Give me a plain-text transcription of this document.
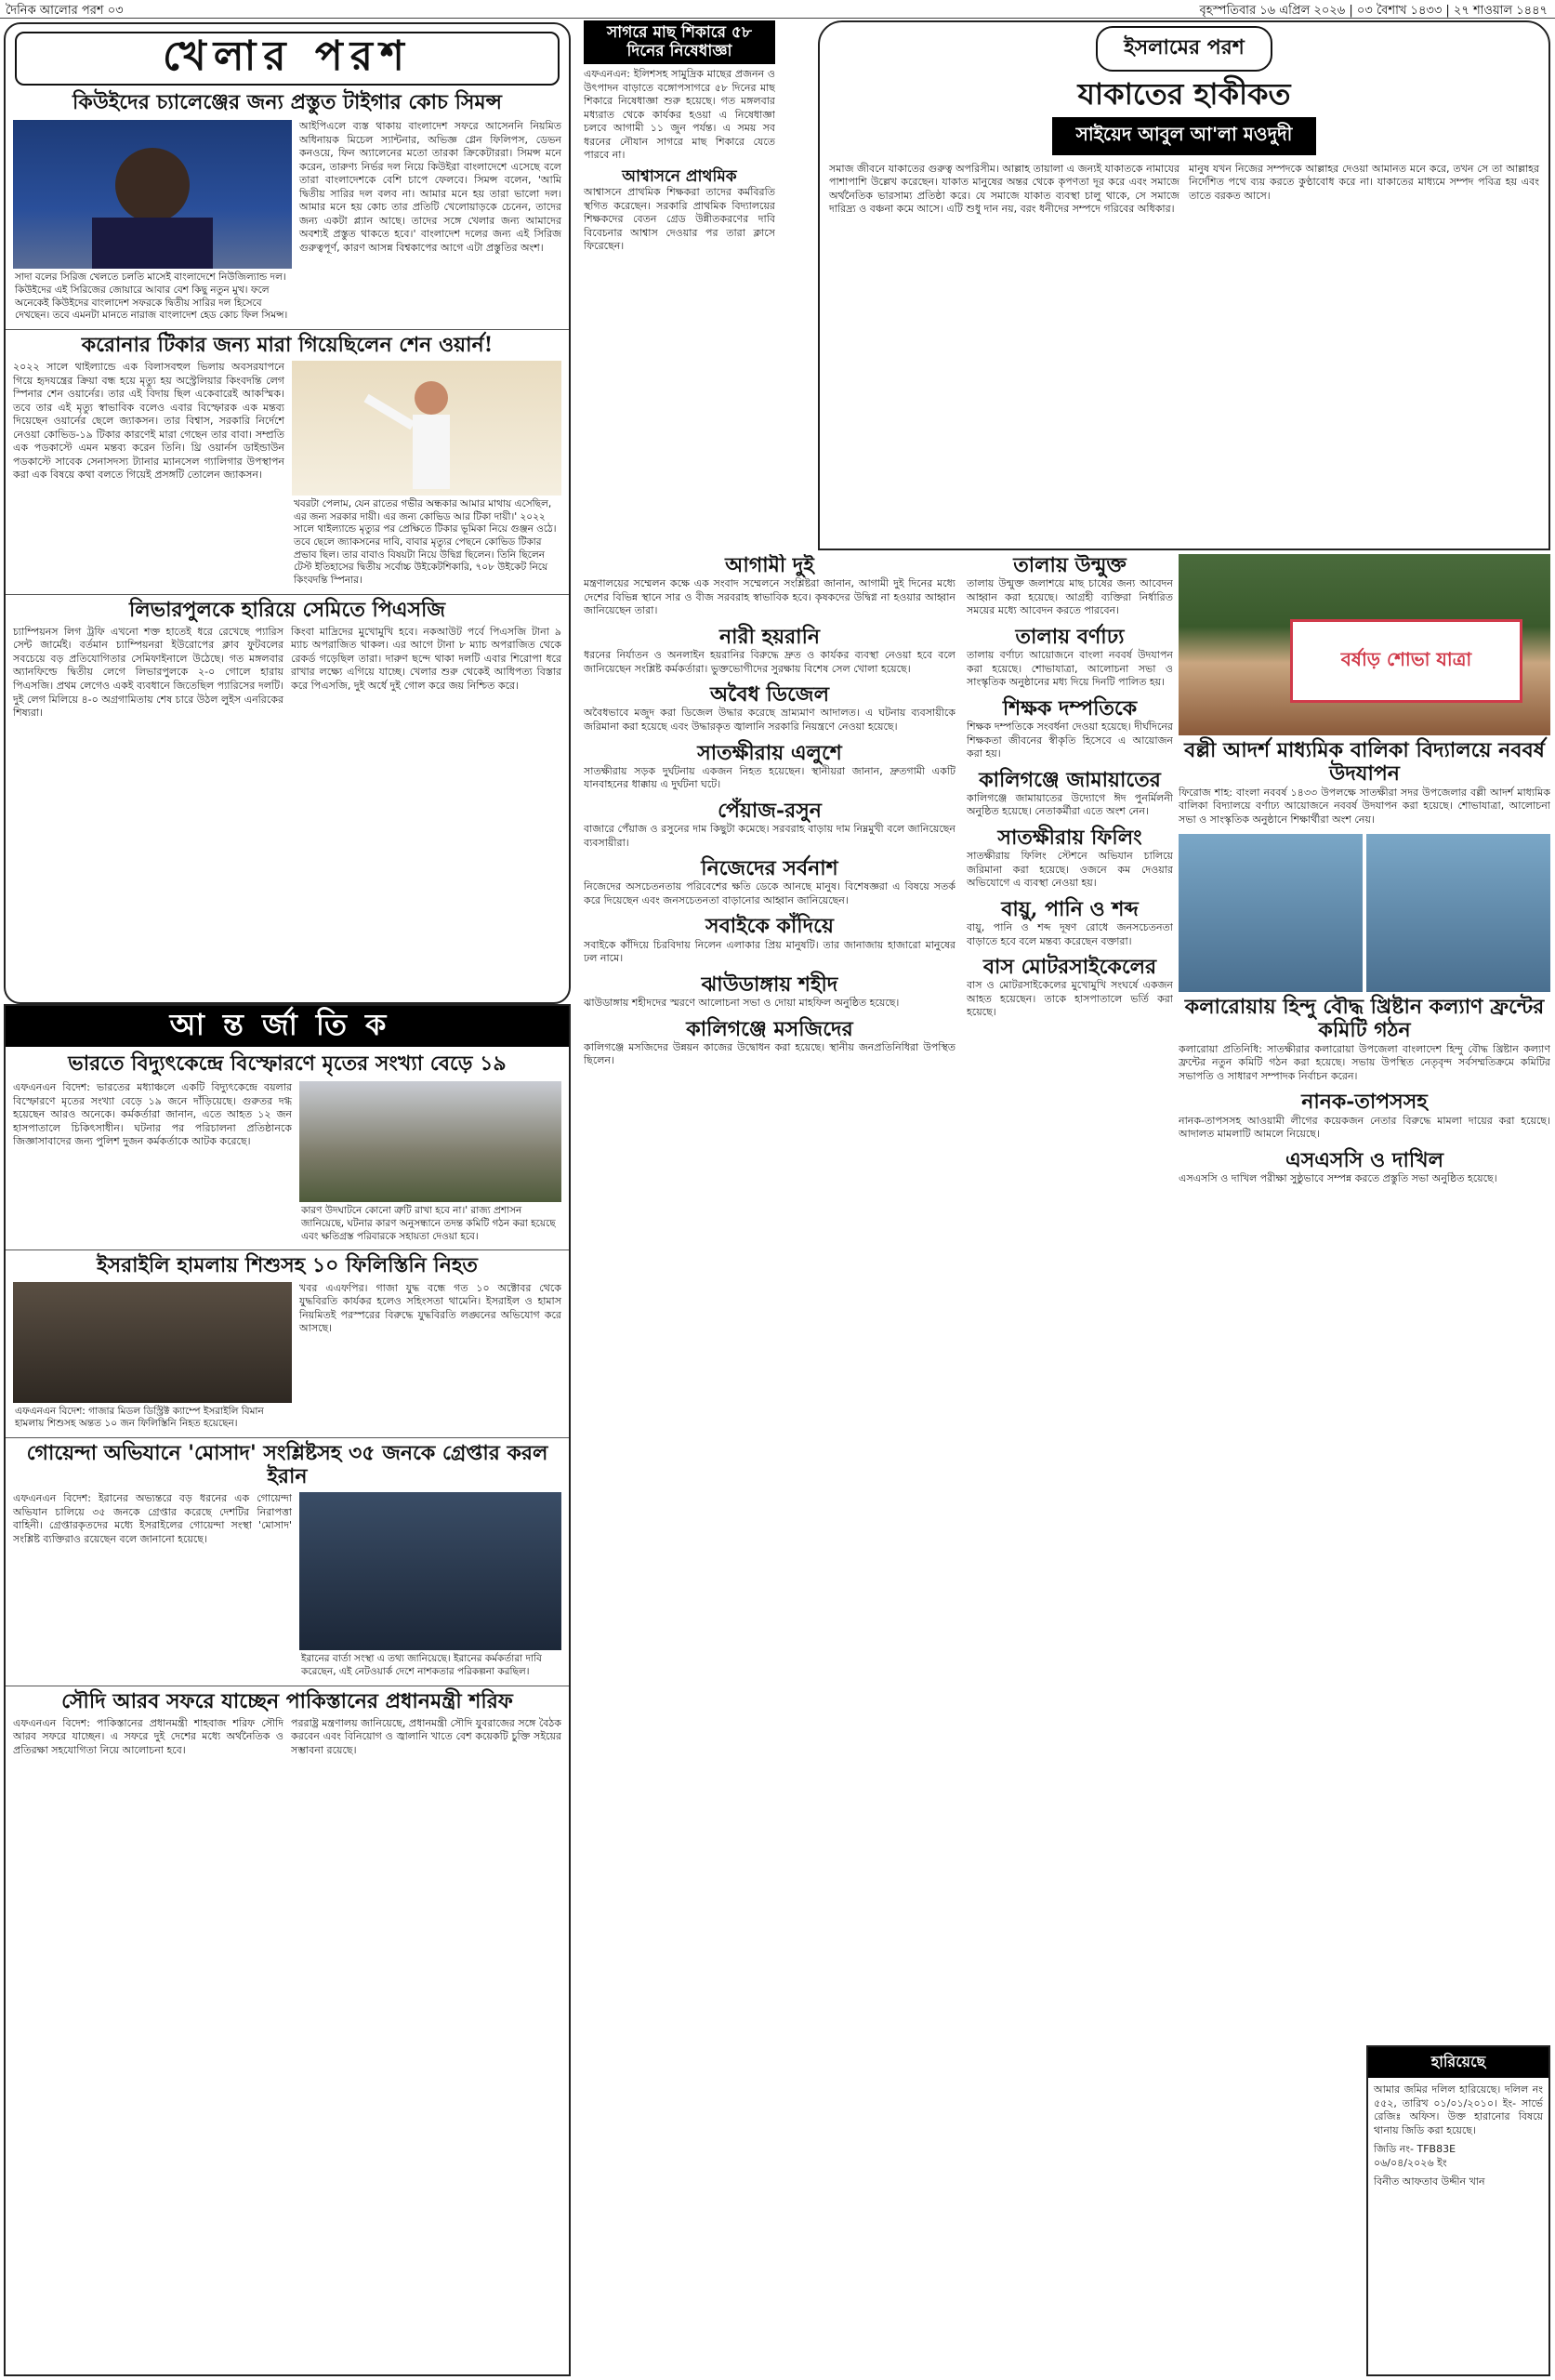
দৈনিক আলোর পরশ ০৩	বৃহস্পতিবার ১৬ এপ্রিল ২০২৬ | ০৩ বৈশাখ ১৪৩৩ | ২৭ শাওয়াল ১৪৪৭
খেলার পরশ
কিউইদের চ্যালেঞ্জের জন্য প্রস্তুত টাইগার কোচ সিমন্স
সাদা বলের সিরিজ খেলতে চলতি মাসেই বাংলাদেশে নিউজিল্যান্ড দল। কিউইদের এই সিরিজের জোয়ারে আবার বেশ কিছু নতুন মুখ। ফলে অনেকেই কিউইদের বাংলাদেশ সফরকে দ্বিতীয় সারির দল হিসেবে দেখছেন। তবে এমনটা মানতে নারাজ বাংলাদেশ হেড কোচ ফিল সিমন্স।
আইপিএলে ব্যস্ত থাকায় বাংলাদেশ সফরে আসেননি নিয়মিত অধিনায়ক মিচেল স্যান্টনার, অভিজ্ঞ গ্লেন ফিলিপস, ডেভন কনওয়ে, ফিন অ্যালেনের মতো তারকা ক্রিকেটাররা। সিমন্স মনে করেন, তারুণ্য নির্ভর দল নিয়ে কিউইরা বাংলাদেশে এসেছে বলে তারা বাংলাদেশকে বেশি চাপে ফেলবে। সিমন্স বলেন, 'আমি দ্বিতীয় সারির দল বলব না। আমার মনে হয় তারা ভালো দল। আমার মনে হয় কোচ তার প্রতিটি খেলোয়াড়কে চেনেন, তাদের জন্য একটা প্ল্যান আছে। তাদের সঙ্গে খেলার জন্য আমাদের অবশ্যই প্রস্তুত থাকতে হবে।' বাংলাদেশ দলের জন্য এই সিরিজ গুরুত্বপূর্ণ, কারণ আসন্ন বিশ্বকাপের আগে এটা প্রস্তুতির অংশ।
করোনার টিকার জন্য মারা গিয়েছিলেন শেন ওয়ার্ন!
২০২২ সালে থাইল্যান্ডে এক বিলাসবহুল ভিলায় অবসরযাপনে গিয়ে হৃদযন্ত্রের ক্রিয়া বন্ধ হয়ে মৃত্যু হয় অস্ট্রেলিয়ার কিংবদন্তি লেগ স্পিনার শেন ওয়ার্নের। তার এই বিদায় ছিল একেবারেই আকস্মিক। তবে তার এই মৃত্যু স্বাভাবিক বলেও এবার বিস্ফোরক এক মন্তব্য দিয়েছেন ওয়ার্নের ছেলে জ্যাকসন। তার বিশ্বাস, সরকারি নির্দেশে নেওয়া কোভিড-১৯ টিকার কারণেই মারা গেছেন তার বাবা। সম্প্রতি এক পডকাস্টে এমন মন্তব্য করেন তিনি। থ্রি ওয়ার্নস ডাইন্ডাউন পডকাস্টে সাবেক সেনাসদস্য ট্যানার ম্যানসেল গ্যালিগার উপস্থাপন করা এক বিষয়ে কথা বলতে গিয়েই প্রসঙ্গটি তোলেন জ্যাকসন।
খবরটা পেলাম, যেন রাতের গভীর অন্ধকার আমার মাথায় এসেছিল, এর জন্য সরকার দায়ী। এর জন্য কোভিড আর টিকা দায়ী।' ২০২২ সালে থাইল্যান্ডে মৃত্যুর পর প্রেক্ষিতে টিকার ভূমিকা নিয়ে গুঞ্জন ওঠে। তবে ছেলে জ্যাকসনের দাবি, বাবার মৃত্যুর পেছনে কোভিড টিকার প্রভাব ছিল। তার বাবাও বিষয়টা নিয়ে উদ্বিগ্ন ছিলেন। তিনি ছিলেন টেস্ট ইতিহাসের দ্বিতীয় সর্বোচ্চ উইকেটশিকারি, ৭০৮ উইকেট নিয়ে কিংবদন্তি স্পিনার।
লিভারপুলকে হারিয়ে সেমিতে পিএসজি
চ্যাম্পিয়নস লিগ ট্রফি এখনো শক্ত হাতেই ধরে রেখেছে প্যারিস সেন্ট জার্মেই। বর্তমান চ্যাম্পিয়নরা ইউরোপের ক্লাব ফুটবলের সবচেয়ে বড় প্রতিযোগিতার সেমিফাইনালে উঠেছে। গত মঙ্গলবার অ্যানফিল্ডে দ্বিতীয় লেগে লিভারপুলকে ২-০ গোলে হারায় পিএসজি। প্রথম লেগেও একই ব্যবধানে জিতেছিল প্যারিসের দলটি। দুই লেগ মিলিয়ে ৪-০ অগ্রগামিতায় শেষ চারে উঠল লুইস এনরিকের শিষ্যরা।
কিংবা মাদ্রিদের মুখোমুখি হবে। নকআউট পর্বে পিএসজি টানা ৯ ম্যাচ অপরাজিত থাকল। এর আগে টানা ৮ ম্যাচ অপরাজিত থেকে রেকর্ড গড়েছিল তারা। দারুণ ছন্দে থাকা দলটি এবার শিরোপা ধরে রাখার লক্ষ্যে এগিয়ে যাচ্ছে। খেলার শুরু থেকেই আধিপত্য বিস্তার করে পিএসজি, দুই অর্ধে দুই গোল করে জয় নিশ্চিত করে।
আন্তর্জাতিক
ভারতে বিদ্যুৎকেন্দ্রে বিস্ফোরণে মৃতের সংখ্যা বেড়ে ১৯
এফএনএন বিদেশ: ভারতের মধ্যাঞ্চলে একটি বিদ্যুৎকেন্দ্রে বয়লার বিস্ফোরণে মৃতের সংখ্যা বেড়ে ১৯ জনে দাঁড়িয়েছে। গুরুতর দগ্ধ হয়েছেন আরও অনেকে। কর্মকর্তারা জানান, এতে আহত ১২ জন হাসপাতালে চিকিৎসাধীন। ঘটনার পর পরিচালনা প্রতিষ্ঠানকে জিজ্ঞাসাবাদের জন্য পুলিশ দুজন কর্মকর্তাকে আটক করেছে।
কারণ উদঘাটনে কোনো ত্রুটি রাখা হবে না।' রাজ্য প্রশাসন জানিয়েছে, ঘটনার কারণ অনুসন্ধানে তদন্ত কমিটি গঠন করা হয়েছে এবং ক্ষতিগ্রস্ত পরিবারকে সহায়তা দেওয়া হবে।
ইসরাইলি হামলায় শিশুসহ ১০ ফিলিস্তিনি নিহত
এফএনএন বিদেশ: গাজার মিডল ডিস্ট্রিক্ট ক্যাম্পে ইসরাইলি বিমান হামলায় শিশুসহ অন্তত ১০ জন ফিলিস্তিনি নিহত হয়েছেন।
খবর এএফপির। গাজা যুদ্ধ বন্ধে গত ১০ অক্টোবর থেকে যুদ্ধবিরতি কার্যকর হলেও সহিংসতা থামেনি। ইসরাইল ও হামাস নিয়মিতই পরস্পরের বিরুদ্ধে যুদ্ধবিরতি লঙ্ঘনের অভিযোগ করে আসছে।
গোয়েন্দা অভিযানে 'মোসাদ' সংশ্লিষ্টসহ ৩৫ জনকে গ্রেপ্তার করল ইরান
এফএনএন বিদেশ: ইরানের অভ্যন্তরে বড় ধরনের এক গোয়েন্দা অভিযান চালিয়ে ৩৫ জনকে গ্রেপ্তার করেছে দেশটির নিরাপত্তা বাহিনী। গ্রেপ্তারকৃতদের মধ্যে ইসরাইলের গোয়েন্দা সংস্থা 'মোসাদ' সংশ্লিষ্ট ব্যক্তিরাও রয়েছেন বলে জানানো হয়েছে।
ইরানের বার্তা সংস্থা এ তথ্য জানিয়েছে। ইরানের কর্মকর্তারা দাবি করেছেন, এই নেটওয়ার্ক দেশে নাশকতার পরিকল্পনা করছিল।
সৌদি আরব সফরে যাচ্ছেন পাকিস্তানের প্রধানমন্ত্রী শরিফ
এফএনএন বিদেশ: পাকিস্তানের প্রধানমন্ত্রী শাহবাজ শরিফ সৌদি আরব সফরে যাচ্ছেন। এ সফরে দুই দেশের মধ্যে অর্থনৈতিক ও প্রতিরক্ষা সহযোগিতা নিয়ে আলোচনা হবে।
পররাষ্ট্র মন্ত্রণালয় জানিয়েছে, প্রধানমন্ত্রী সৌদি যুবরাজের সঙ্গে বৈঠক করবেন এবং বিনিয়োগ ও জ্বালানি খাতে বেশ কয়েকটি চুক্তি সইয়ের সম্ভাবনা রয়েছে।
সাগরে মাছ শিকারে ৫৮ দিনের নিষেধাজ্ঞা
এফএনএন: ইলিশসহ সামুদ্রিক মাছের প্রজনন ও উৎপাদন বাড়াতে বঙ্গোপসাগরে ৫৮ দিনের মাছ শিকারে নিষেধাজ্ঞা শুরু হয়েছে। গত মঙ্গলবার মধ্যরাত থেকে কার্যকর হওয়া এ নিষেধাজ্ঞা চলবে আগামী ১১ জুন পর্যন্ত। এ সময় সব ধরনের নৌযান সাগরে মাছ শিকারে যেতে পারবে না।
আশ্বাসনে প্রাথমিক
আশ্বাসনে প্রাথমিক শিক্ষকরা তাদের কর্মবিরতি স্থগিত করেছেন। সরকারি প্রাথমিক বিদ্যালয়ের শিক্ষকদের বেতন গ্রেড উন্নীতকরণের দাবি বিবেচনার আশ্বাস দেওয়ার পর তারা ক্লাসে ফিরেছেন।
ইসলামের পরশ
যাকাতের হাকীকত
সাইয়েদ আবুল আ'লা মওদুদী
সমাজ জীবনে যাকাতের গুরুত্ব অপরিসীম। আল্লাহ তায়ালা এ জন্যই যাকাতকে নামাযের পাশাপাশি উল্লেখ করেছেন। যাকাত মানুষের অন্তর থেকে কৃপণতা দূর করে এবং সমাজে অর্থনৈতিক ভারসাম্য প্রতিষ্ঠা করে। যে সমাজে যাকাত ব্যবস্থা চালু থাকে, সে সমাজে দারিদ্র্য ও বঞ্চনা কমে আসে। এটি শুধু দান নয়, বরং ধনীদের সম্পদে গরিবের অধিকার।
মানুষ যখন নিজের সম্পদকে আল্লাহর দেওয়া আমানত মনে করে, তখন সে তা আল্লাহর নির্দেশিত পথে ব্যয় করতে কুণ্ঠাবোধ করে না। যাকাতের মাধ্যমে সম্পদ পবিত্র হয় এবং তাতে বরকত আসে।
আগামী দুই
মন্ত্রণালয়ের সম্মেলন কক্ষে এক সংবাদ সম্মেলনে সংশ্লিষ্টরা জানান, আগামী দুই দিনের মধ্যে দেশের বিভিন্ন স্থানে সার ও বীজ সরবরাহ স্বাভাবিক হবে। কৃষকদের উদ্বিগ্ন না হওয়ার আহ্বান জানিয়েছেন তারা।
নারী হয়রানি
ধরনের নির্যাতন ও অনলাইন হয়রানির বিরুদ্ধে দ্রুত ও কার্যকর ব্যবস্থা নেওয়া হবে বলে জানিয়েছেন সংশ্লিষ্ট কর্মকর্তারা। ভুক্তভোগীদের সুরক্ষায় বিশেষ সেল খোলা হয়েছে।
অবৈধ ডিজেল
অবৈধভাবে মজুদ করা ডিজেল উদ্ধার করেছে ভ্রাম্যমাণ আদালত। এ ঘটনায় ব্যবসায়ীকে জরিমানা করা হয়েছে এবং উদ্ধারকৃত জ্বালানি সরকারি নিয়ন্ত্রণে নেওয়া হয়েছে।
সাতক্ষীরায় এলুশে
সাতক্ষীরায় সড়ক দুর্ঘটনায় একজন নিহত হয়েছেন। স্থানীয়রা জানান, দ্রুতগামী একটি যানবাহনের ধাক্কায় এ দুর্ঘটনা ঘটে।
পেঁয়াজ-রসুন
বাজারে পেঁয়াজ ও রসুনের দাম কিছুটা কমেছে। সরবরাহ বাড়ায় দাম নিম্নমুখী বলে জানিয়েছেন ব্যবসায়ীরা।
নিজেদের সর্বনাশ
নিজেদের অসচেতনতায় পরিবেশের ক্ষতি ডেকে আনছে মানুষ। বিশেষজ্ঞরা এ বিষয়ে সতর্ক করে দিয়েছেন এবং জনসচেতনতা বাড়ানোর আহ্বান জানিয়েছেন।
সবাইকে কাঁদিয়ে
সবাইকে কাঁদিয়ে চিরবিদায় নিলেন এলাকার প্রিয় মানুষটি। তার জানাজায় হাজারো মানুষের ঢল নামে।
ঝাউডাঙ্গায় শহীদ
ঝাউডাঙ্গায় শহীদদের স্মরণে আলোচনা সভা ও দোয়া মাহফিল অনুষ্ঠিত হয়েছে।
কালিগঞ্জে মসজিদের
কালিগঞ্জে মসজিদের উন্নয়ন কাজের উদ্বোধন করা হয়েছে। স্থানীয় জনপ্রতিনিধিরা উপস্থিত ছিলেন।
তালায় উন্মুক্ত
তালায় উন্মুক্ত জলাশয়ে মাছ চাষের জন্য আবেদন আহ্বান করা হয়েছে। আগ্রহী ব্যক্তিরা নির্ধারিত সময়ের মধ্যে আবেদন করতে পারবেন।
তালায় বর্ণাঢ্য
তালায় বর্ণাঢ্য আয়োজনে বাংলা নববর্ষ উদযাপন করা হয়েছে। শোভাযাত্রা, আলোচনা সভা ও সাংস্কৃতিক অনুষ্ঠানের মধ্য দিয়ে দিনটি পালিত হয়।
শিক্ষক দম্পতিকে
শিক্ষক দম্পতিকে সংবর্ধনা দেওয়া হয়েছে। দীর্ঘদিনের শিক্ষকতা জীবনের স্বীকৃতি হিসেবে এ আয়োজন করা হয়।
কালিগঞ্জে জামায়াতের
কালিগঞ্জে জামায়াতের উদ্যোগে ঈদ পুনর্মিলনী অনুষ্ঠিত হয়েছে। নেতাকর্মীরা এতে অংশ নেন।
সাতক্ষীরায় ফিলিং
সাতক্ষীরায় ফিলিং স্টেশনে অভিযান চালিয়ে জরিমানা করা হয়েছে। ওজনে কম দেওয়ার অভিযোগে এ ব্যবস্থা নেওয়া হয়।
বায়ু, পানি ও শব্দ
বায়ু, পানি ও শব্দ দূষণ রোধে জনসচেতনতা বাড়াতে হবে বলে মন্তব্য করেছেন বক্তারা।
বাস মোটরসাইকেলের
বাস ও মোটরসাইকেলের মুখোমুখি সংঘর্ষে একজন আহত হয়েছেন। তাকে হাসপাতালে ভর্তি করা হয়েছে।
বর্ষাড় শোভা যাত্রা
বল্লী আদর্শ মাধ্যমিক বালিকা বিদ্যালয়ে নববর্ষ উদযাপন
ফিরোজ শাহ: বাংলা নববর্ষ ১৪৩৩ উপলক্ষে সাতক্ষীরা সদর উপজেলার বল্লী আদর্শ মাধ্যমিক বালিকা বিদ্যালয়ে বর্ণাঢ্য আয়োজনে নববর্ষ উদযাপন করা হয়েছে। শোভাযাত্রা, আলোচনা সভা ও সাংস্কৃতিক অনুষ্ঠানে শিক্ষার্থীরা অংশ নেয়।
কলারোয়ায় হিন্দু বৌদ্ধ খ্রিষ্টান কল্যাণ ফ্রন্টের কমিটি গঠন
কলারোয়া প্রতিনিধি: সাতক্ষীরার কলারোয়া উপজেলা বাংলাদেশ হিন্দু বৌদ্ধ খ্রিষ্টান কল্যাণ ফ্রন্টের নতুন কমিটি গঠন করা হয়েছে। সভায় উপস্থিত নেতৃবৃন্দ সর্বসম্মতিক্রমে কমিটির সভাপতি ও সাধারণ সম্পাদক নির্বাচন করেন।
নানক-তাপসসহ
নানক-তাপসসহ আওয়ামী লীগের কয়েকজন নেতার বিরুদ্ধে মামলা দায়ের করা হয়েছে। আদালত মামলাটি আমলে নিয়েছে।
এসএসসি ও দাখিল
এসএসসি ও দাখিল পরীক্ষা সুষ্ঠুভাবে সম্পন্ন করতে প্রস্তুতি সভা অনুষ্ঠিত হয়েছে।
হারিয়েছে
আমার জমির দলিল হারিয়েছে। দলিল নং ৫৫২, তারিখ ০১/০১/২০১০। ইং- সার্ভে রেজিঃ অফিস। উক্ত হারানোর বিষয়ে থানায় জিডি করা হয়েছে।
জিডি নং- TFB83E
০৬/০৪/২০২৬ ইং
বিনীত আফতাব উদ্দীন খান
